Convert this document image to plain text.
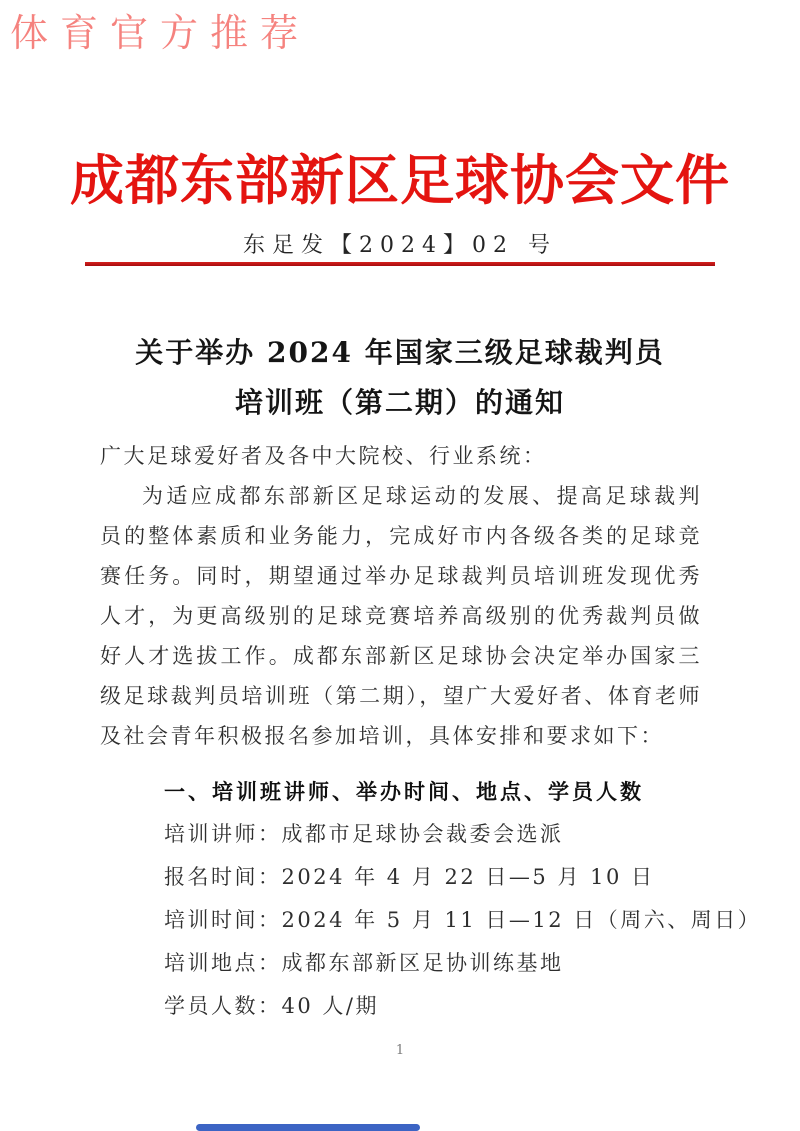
体育官方推荐
成都东部新区足球协会文件
东足发【2024】02 号
关于举办 2024 年国家三级足球裁判员
培训班（第二期）的通知
广大足球爱好者及各中大院校、行业系统：

为适应成都东部新区足球运动的发展、提高足球裁判员的整体素质和业务能力，完成好市内各级各类的足球竞赛任务。同时，期望通过举办足球裁判员培训班发现优秀人才，为更高级别的足球竞赛培养高级别的优秀裁判员做好人才选拔工作。成都东部新区足球协会决定举办国家三级足球裁判员培训班（第二期），望广大爱好者、体育老师及社会青年积极报名参加培训，具体安排和要求如下：

一、培训班讲师、举办时间、地点、学员人数
培训讲师：成都市足球协会裁委会选派
报名时间：2024 年 4 月 22 日—5 月 10 日
培训时间：2024 年 5 月 11 日—12 日（周六、周日）
培训地点：成都东部新区足协训练基地
学员人数：40 人/期
1
